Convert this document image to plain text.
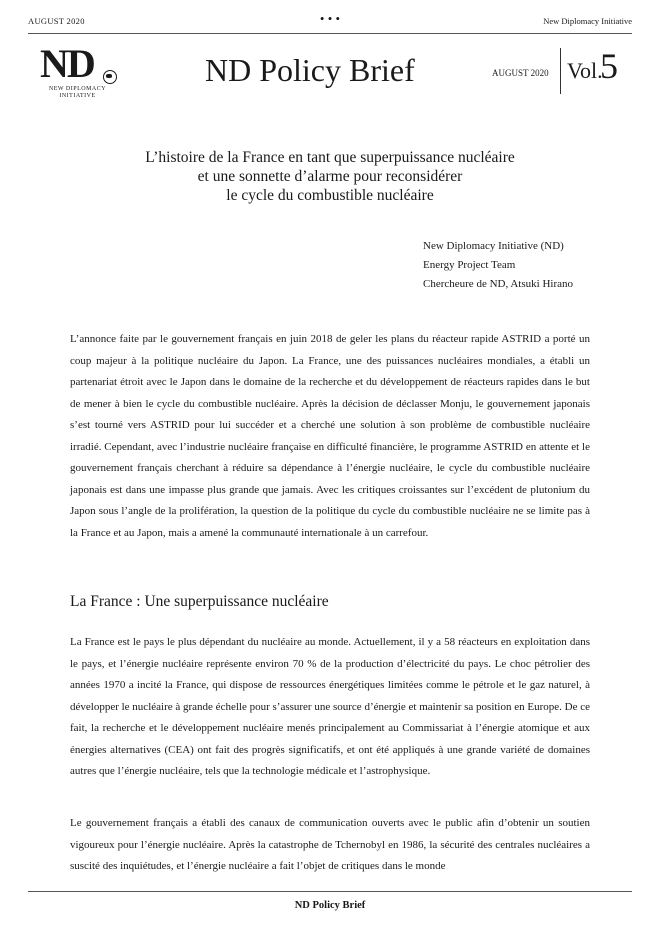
AUGUST 2020	• • •	New Diplomacy Initiative
ND
NEW DIPLOMACY
INITIATIVE
ND Policy Brief	AUGUST 2020 Vol.
5
L’histoire de la France en tant que superpuissance nucléaire
et une sonnette d’alarme pour reconsidérer
le cycle du combustible nucléaire
New Diplomacy Initiative (ND)
Energy Project Team
Chercheure de ND, Atsuki Hirano
L’annonce faite par le gouvernement français en juin 2018 de geler les plans du réacteur rapide ASTRID a porté un coup majeur à la politique nucléaire du Japon. La France, une des puissances nucléaires mondiales, a établi un partenariat étroit avec le Japon dans le domaine de la recherche et du développement de réacteurs rapides dans le but de mener à bien le cycle du combustible nucléaire. Après la décision de déclasser Monju, le gouvernement japonais s’est tourné vers ASTRID pour lui succéder et a cherché une solution à son problème de combustible nucléaire irradié. Cependant, avec l’industrie nucléaire française en difficulté financière, le programme ASTRID en attente et le gouvernement français cherchant à réduire sa dépendance à l’énergie nucléaire, le cycle du combustible nucléaire japonais est dans une impasse plus grande que jamais. Avec les critiques croissantes sur l’excédent de plutonium du Japon sous l’angle de la prolifération, la question de la politique du cycle du combustible nucléaire ne se limite pas à la France et au Japon, mais a amené la communauté internationale à un carrefour.
La France : Une superpuissance nucléaire
La France est le pays le plus dépendant du nucléaire au monde. Actuellement, il y a 58 réacteurs en exploitation dans le pays, et l’énergie nucléaire représente environ 70 % de la production d’électricité du pays. Le choc pétrolier des années 1970 a incité la France, qui dispose de ressources énergétiques limitées comme le pétrole et le gaz naturel, à développer le nucléaire à grande échelle pour s’assurer une source d’énergie et maintenir sa position en Europe. De ce fait, la recherche et le développement nucléaire menés principalement au Commissariat à l’énergie atomique et aux énergies alternatives (CEA) ont fait des progrès significatifs, et ont été appliqués à une grande variété de domaines autres que l’énergie nucléaire, tels que la technologie médicale et l’astrophysique.
Le gouvernement français a établi des canaux de communication ouverts avec le public afin d’obtenir un soutien vigoureux pour l’énergie nucléaire. Après la catastrophe de Tchernobyl en 1986, la sécurité des centrales nucléaires a suscité des inquiétudes, et l’énergie nucléaire a fait l’objet de critiques dans le monde
ND Policy Brief
